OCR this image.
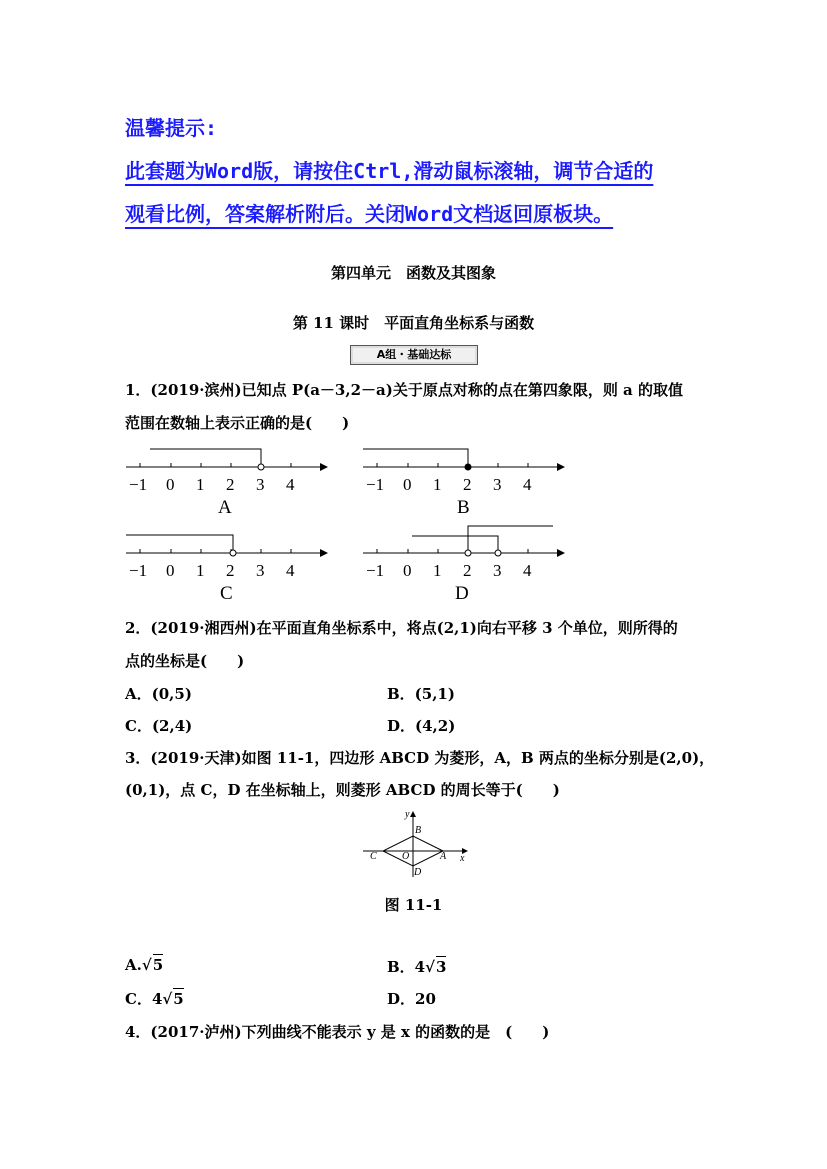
温馨提示:
此套题为Word版，请按住Ctrl,滑动鼠标滚轴，调节合适的
观看比例，答案解析附后。关闭Word文档返回原板块。
第四单元　函数及其图象
第 11 课时　平面直角坐标系与函数
A组・基础达标
1．(2019·滨州)已知点 P(a－3,2－a)关于原点对称的点在第四象限，则 a 的取值
范围在数轴上表示正确的是(　　)
−1 0 1 2 3 4
A
−1 0 1 2 3 4
B
−1 0 1 2 3 4
C
−1 0 1 2 3 4
D
2．(2019·湘西州)在平面直角坐标系中，将点(2,1)向右平移 3 个单位，则所得的
点的坐标是(　　)
A．(0,5)	B．(5,1)
C．(2,4)	D．(4,2)
3．(2019·天津)如图 11-1，四边形 ABCD 为菱形，A，B 两点的坐标分别是(2,0)，
(0,1)，点 C，D 在坐标轴上，则菱形 ABCD 的周长等于(　　)
y
x
B
C	O	A
D
图 11-1
A.√5	B．4√3
C．4√5	D．20
4．(2017·泸州)下列曲线不能表示 y 是 x 的函数的是　(　　)
